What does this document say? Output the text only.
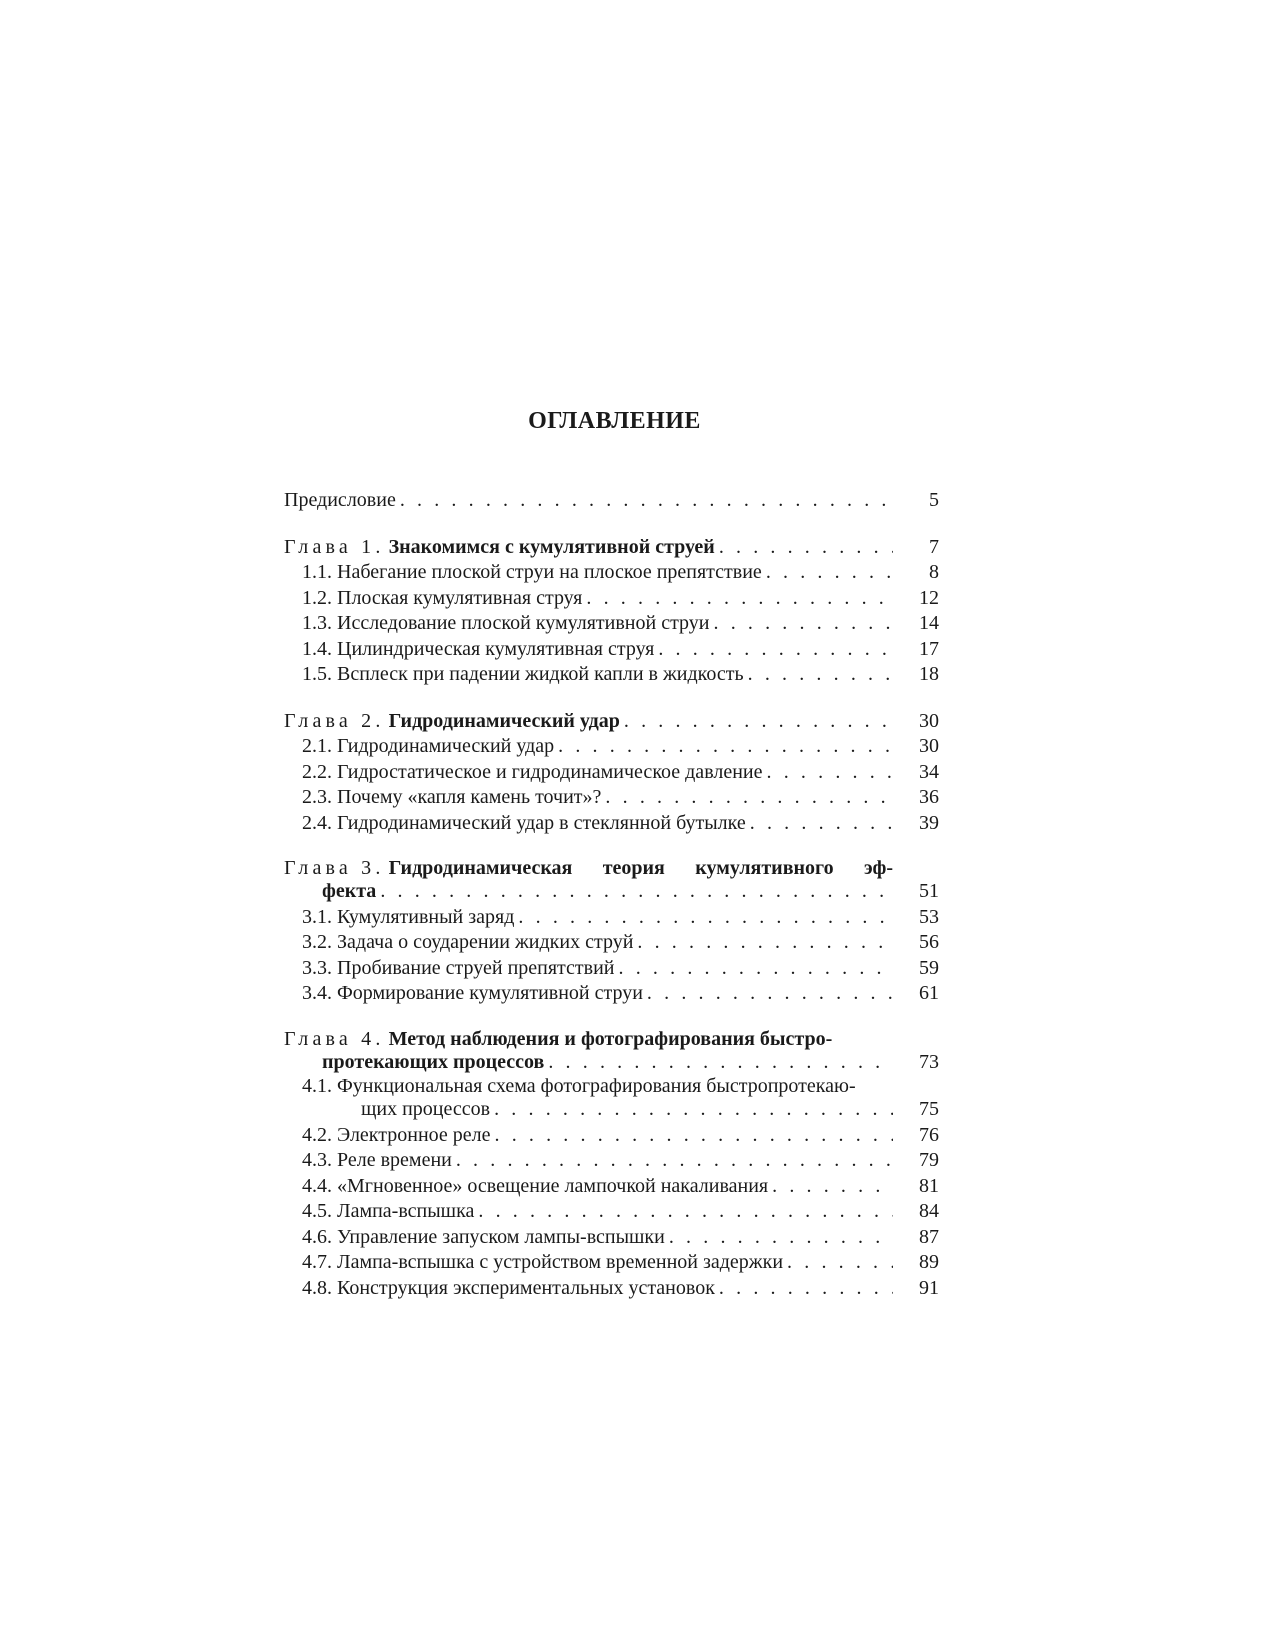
ОГЛАВЛЕНИЕ
Предисловие . . .	5
Глава 1. Знакомимся с кумулятивной струей . . .	7
1.1. Набегание плоской струи на плоское препятствие . . .	8
1.2. Плоская кумулятивная струя . . .	12
1.3. Исследование плоской кумулятивной струи . . .	14
1.4. Цилиндрическая кумулятивная струя . . .	17
1.5. Всплеск при падении жидкой капли в жидкость . . .	18
Глава 2. Гидродинамический удар . . .	30
2.1. Гидродинамический удар . . .	30
2.2. Гидростатическое и гидродинамическое давление . . .	34
2.3. Почему «капля камень точит»? . . .	36
2.4. Гидродинамический удар в стеклянной бутылке . . .	39
Глава 3. Гидродинамическая теория кумулятивного эф-
фекта . . .	51
3.1. Кумулятивный заряд . . .	53
3.2. Задача о соударении жидких струй . . .	56
3.3. Пробивание струей препятствий . . .	59
3.4. Формирование кумулятивной струи . . .	61
Глава 4. Метод наблюдения и фотографирования быстро-
протекающих процессов . . .	73
4.1. Функциональная схема фотографирования быстропротекаю-
щих процессов . . .	75
4.2. Электронное реле . . .	76
4.3. Реле времени . . .	79
4.4. «Мгновенное» освещение лампочкой накаливания . . .	81
4.5. Лампа-вспышка . . .	84
4.6. Управление запуском лампы-вспышки . . .	87
4.7. Лампа-вспышка с устройством временной задержки . . .	89
4.8. Конструкция экспериментальных установок . . .	91
